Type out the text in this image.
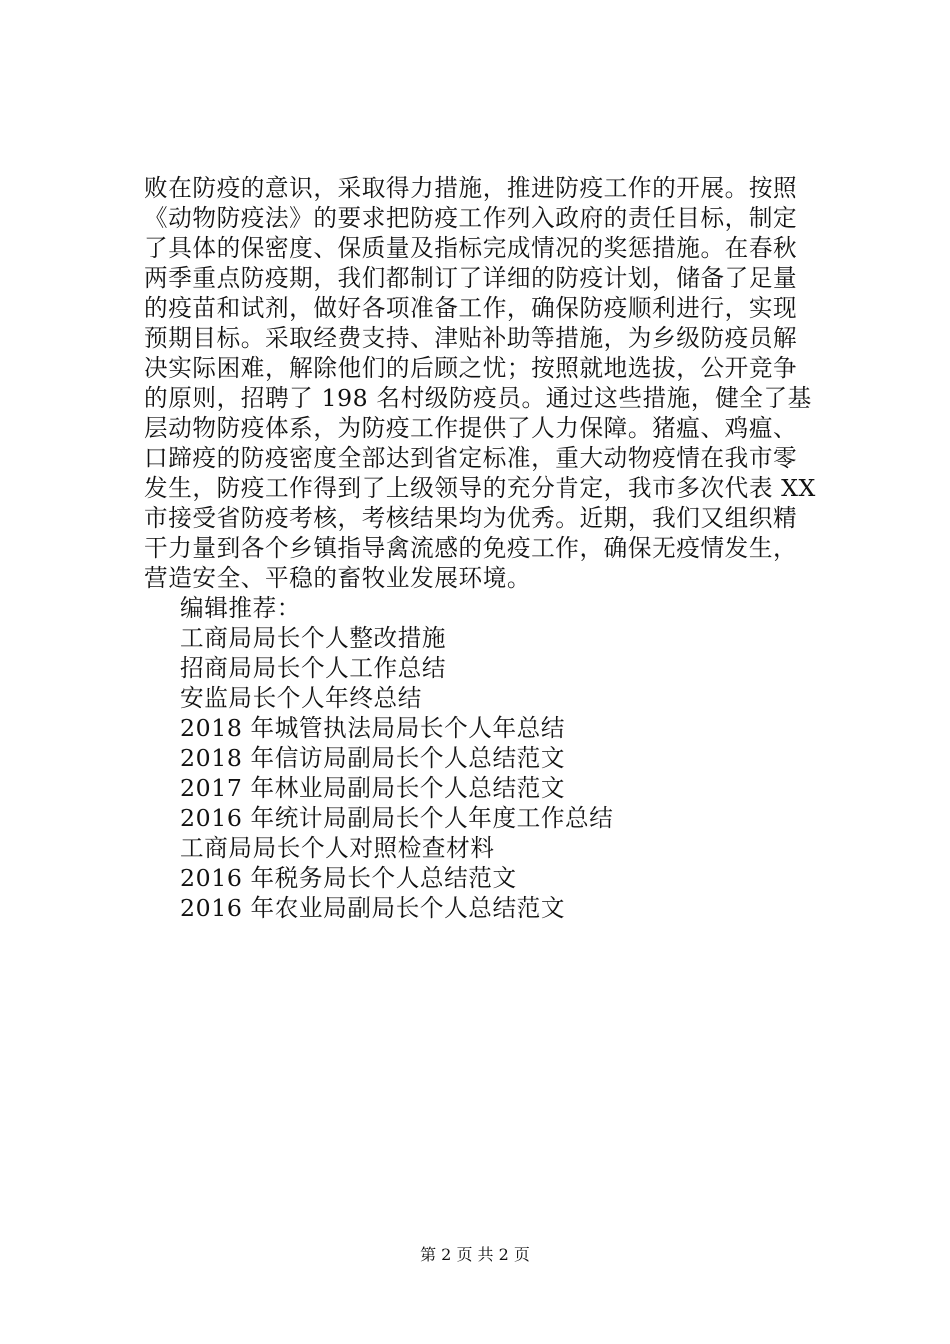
败在防疫的意识，采取得力措施，推进防疫工作的开展。按照
《动物防疫法》的要求把防疫工作列入政府的责任目标，制定
了具体的保密度、保质量及指标完成情况的奖惩措施。在春秋
两季重点防疫期，我们都制订了详细的防疫计划，储备了足量
的疫苗和试剂，做好各项准备工作，确保防疫顺利进行，实现
预期目标。采取经费支持、津贴补助等措施，为乡级防疫员解
决实际困难，解除他们的后顾之忧；按照就地选拔，公开竞争
的原则，招聘了 198 名村级防疫员。通过这些措施，健全了基
层动物防疫体系，为防疫工作提供了人力保障。猪瘟、鸡瘟、
口蹄疫的防疫密度全部达到省定标准，重大动物疫情在我市零
发生，防疫工作得到了上级领导的充分肯定，我市多次代表 XX
市接受省防疫考核，考核结果均为优秀。近期，我们又组织精
干力量到各个乡镇指导禽流感的免疫工作，确保无疫情发生，
营造安全、平稳的畜牧业发展环境。
编辑推荐：
工商局局长个人整改措施
招商局局长个人工作总结
安监局长个人年终总结
2018 年城管执法局局长个人年总结
2018 年信访局副局长个人总结范文
2017 年林业局副局长个人总结范文
2016 年统计局副局长个人年度工作总结
工商局局长个人对照检查材料
2016 年税务局长个人总结范文
2016 年农业局副局长个人总结范文
第 2 页 共 2 页
